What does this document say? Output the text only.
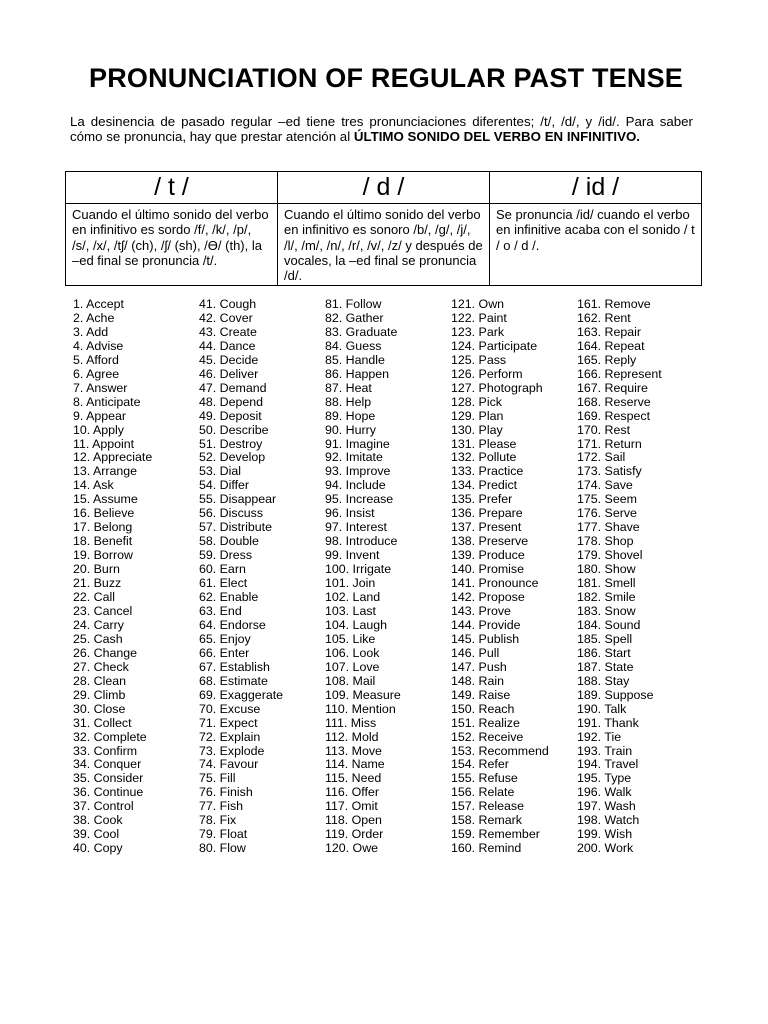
PRONUNCIATION OF REGULAR PAST TENSE

La desinencia de pasado regular –ed tiene tres pronunciaciones diferentes; /t/, /d/, y /id/. Para saber cómo se pronuncia, hay que prestar atención al ÚLTIMO SONIDO DEL VERBO EN INFINITIVO.

/ t /	/ d /	/ id /
Cuando el último sonido del verbo en infinitivo es sordo /f/, /k/, /p/, /s/, /x/, /tʃ/ (ch), /ʃ/ (sh), /ϴ/ (th), la –ed final se pronuncia /t/.	Cuando el último sonido del verbo en infinitivo es sonoro /b/, /g/, /j/, /l/, /m/, /n/, /r/, /v/, /z/ y después de vocales, la –ed final se pronuncia /d/.	Se pronuncia /id/ cuando el verbo en infinitive acaba con el sonido / t / o / d /.
1. Accept
2. Ache
3. Add
4. Advise
5. Afford
6. Agree
7. Answer
8. Anticipate
9. Appear
10. Apply
11. Appoint
12. Appreciate
13. Arrange
14. Ask
15. Assume
16. Believe
17. Belong
18. Benefit
19. Borrow
20. Burn
21. Buzz
22. Call
23. Cancel
24. Carry
25. Cash
26. Change
27. Check
28. Clean
29. Climb
30. Close
31. Collect
32. Complete
33. Confirm
34. Conquer
35. Consider
36. Continue
37. Control
38. Cook
39. Cool
40. Copy
41. Cough
42. Cover
43. Create
44. Dance
45. Decide
46. Deliver
47. Demand
48. Depend
49. Deposit
50. Describe
51. Destroy
52. Develop
53. Dial
54. Differ
55. Disappear
56. Discuss
57. Distribute
58. Double
59. Dress
60. Earn
61. Elect
62. Enable
63. End
64. Endorse
65. Enjoy
66. Enter
67. Establish
68. Estimate
69. Exaggerate
70. Excuse
71. Expect
72. Explain
73. Explode
74. Favour
75. Fill
76. Finish
77. Fish
78. Fix
79. Float
80. Flow
81. Follow
82. Gather
83. Graduate
84. Guess
85. Handle
86. Happen
87. Heat
88. Help
89. Hope
90. Hurry
91. Imagine
92. Imitate
93. Improve
94. Include
95. Increase
96. Insist
97. Interest
98. Introduce
99. Invent
100. Irrigate
101. Join
102. Land
103. Last
104. Laugh
105. Like
106. Look
107. Love
108. Mail
109. Measure
110. Mention
111. Miss
112. Mold
113. Move
114. Name
115. Need
116. Offer
117. Omit
118. Open
119. Order
120. Owe
121. Own
122. Paint
123. Park
124. Participate
125. Pass
126. Perform
127. Photograph
128. Pick
129. Plan
130. Play
131. Please
132. Pollute
133. Practice
134. Predict
135. Prefer
136. Prepare
137. Present
138. Preserve
139. Produce
140. Promise
141. Pronounce
142. Propose
143. Prove
144. Provide
145. Publish
146. Pull
147. Push
148. Rain
149. Raise
150. Reach
151. Realize
152. Receive
153. Recommend
154. Refer
155. Refuse
156. Relate
157. Release
158. Remark
159. Remember
160. Remind
161. Remove
162. Rent
163. Repair
164. Repeat
165. Reply
166. Represent
167. Require
168. Reserve
169. Respect
170. Rest
171. Return
172. Sail
173. Satisfy
174. Save
175. Seem
176. Serve
177. Shave
178. Shop
179. Shovel
180. Show
181. Smell
182. Smile
183. Snow
184. Sound
185. Spell
186. Start
187. State
188. Stay
189. Suppose
190. Talk
191. Thank
192. Tie
193. Train
194. Travel
195. Type
196. Walk
197. Wash
198. Watch
199. Wish
200. Work
